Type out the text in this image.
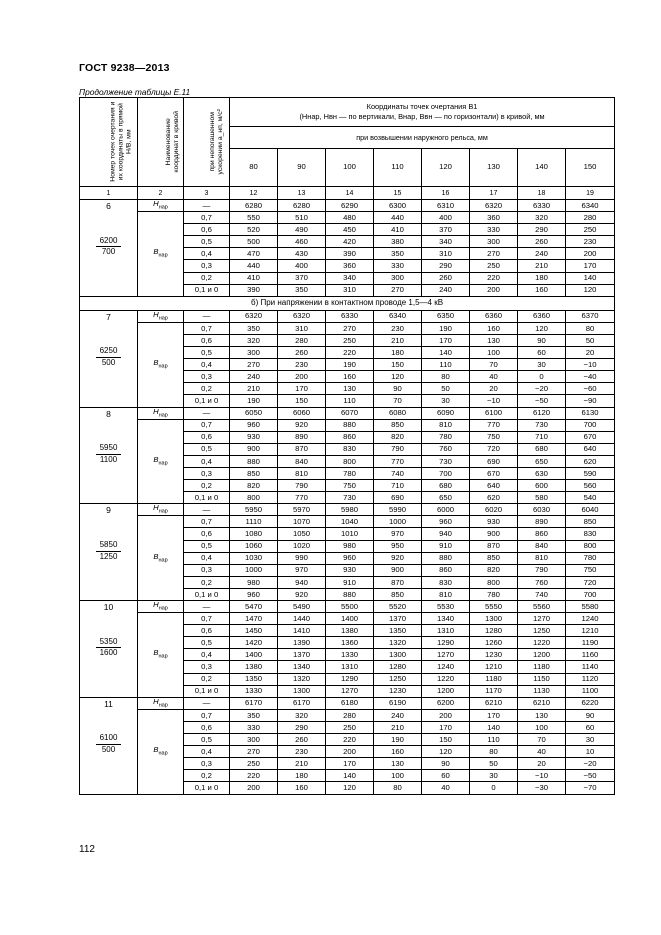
ГОСТ 9238—2013
Продолжение таблицы Е.11
Номер точек очертания и их координаты в прямой H/B, мм	Наименование координат в кривой	при непогашенном ускорении a_нп, м/с²	Координаты точек очертания В1
(Hнар, Hвн — по вертикали, Bнар, Bвн — по горизонтали) в кривой, мм							
			при возвышении наружного рельса, мм							
			80	90	100	110	120	130	140	150
1	2	3	12	13	14	15	16	17	18	19

6
$\frac{6200}{700}$	$H_{нар}$	—	6280	6280	6290	6300	6310	6320	6330	6340
	$B_{нар}$	0,7	550	510	480	440	400	360	320	280
		0,6	520	490	450	410	370	330	290	250
		0,5	500	460	420	380	340	300	260	230
		0,4	470	430	390	350	310	270	240	200
		0,3	440	400	360	330	290	250	210	170
		0,2	410	370	340	300	260	220	180	140
		0,1 и 0	390	350	310	270	240	200	160	120
б) При напряжении в контактном проводе 1,5—4 кВ										

7
$\frac{6250}{500}$	$H_{нар}$	—	6320	6320	6330	6340	6350	6360	6360	6370
	$B_{нар}$	0,7	350	310	270	230	190	160	120	80
		0,6	320	280	250	210	170	130	90	50
		0,5	300	260	220	180	140	100	60	20
		0,4	270	230	190	150	110	70	30	−10
		0,3	240	200	160	120	80	40	0	−40
		0,2	210	170	130	90	50	20	−20	−60
		0,1 и 0	190	150	110	70	30	−10	−50	−90

8
$\frac{5950}{1100}$	$H_{нар}$	—	6050	6060	6070	6080	6090	6100	6120	6130
	$B_{нар}$	0,7	960	920	880	850	810	770	730	700
		0,6	930	890	860	820	780	750	710	670
		0,5	900	870	830	790	760	720	680	640
		0,4	880	840	800	770	730	690	650	620
		0,3	850	810	780	740	700	670	630	590
		0,2	820	790	750	710	680	640	600	560
		0,1 и 0	800	770	730	690	650	620	580	540

9
$\frac{5850}{1250}$	$H_{нар}$	—	5950	5970	5980	5990	6000	6020	6030	6040
	$B_{нар}$	0,7	1110	1070	1040	1000	960	930	890	850
		0,6	1080	1050	1010	970	940	900	860	830
		0,5	1060	1020	980	950	910	870	840	800
		0,4	1030	990	960	920	880	850	810	780
		0,3	1000	970	930	900	860	820	790	750
		0,2	980	940	910	870	830	800	760	720
		0,1 и 0	960	920	880	850	810	780	740	700

10
$\frac{5350}{1600}$	$H_{нар}$	—	5470	5490	5500	5520	5530	5550	5560	5580
	$B_{нар}$	0,7	1470	1440	1400	1370	1340	1300	1270	1240
		0,6	1450	1410	1380	1350	1310	1280	1250	1210
		0,5	1420	1390	1360	1320	1290	1260	1220	1190
		0,4	1400	1370	1330	1300	1270	1230	1200	1160
		0,3	1380	1340	1310	1280	1240	1210	1180	1140
		0,2	1350	1320	1290	1250	1220	1180	1150	1120
		0,1 и 0	1330	1300	1270	1230	1200	1170	1130	1100

11
$\frac{6100}{500}$	$H_{нар}$	—	6170	6170	6180	6190	6200	6210	6210	6220
	$B_{нар}$	0,7	350	320	280	240	200	170	130	90
		0,6	330	290	250	210	170	140	100	60
		0,5	300	260	220	190	150	110	70	30
		0,4	270	230	200	160	120	80	40	10
		0,3	250	210	170	130	90	50	20	−20
		0,2	220	180	140	100	60	30	−10	−50
		0,1 и 0	200	160	120	80	40	0	−30	−70
112
